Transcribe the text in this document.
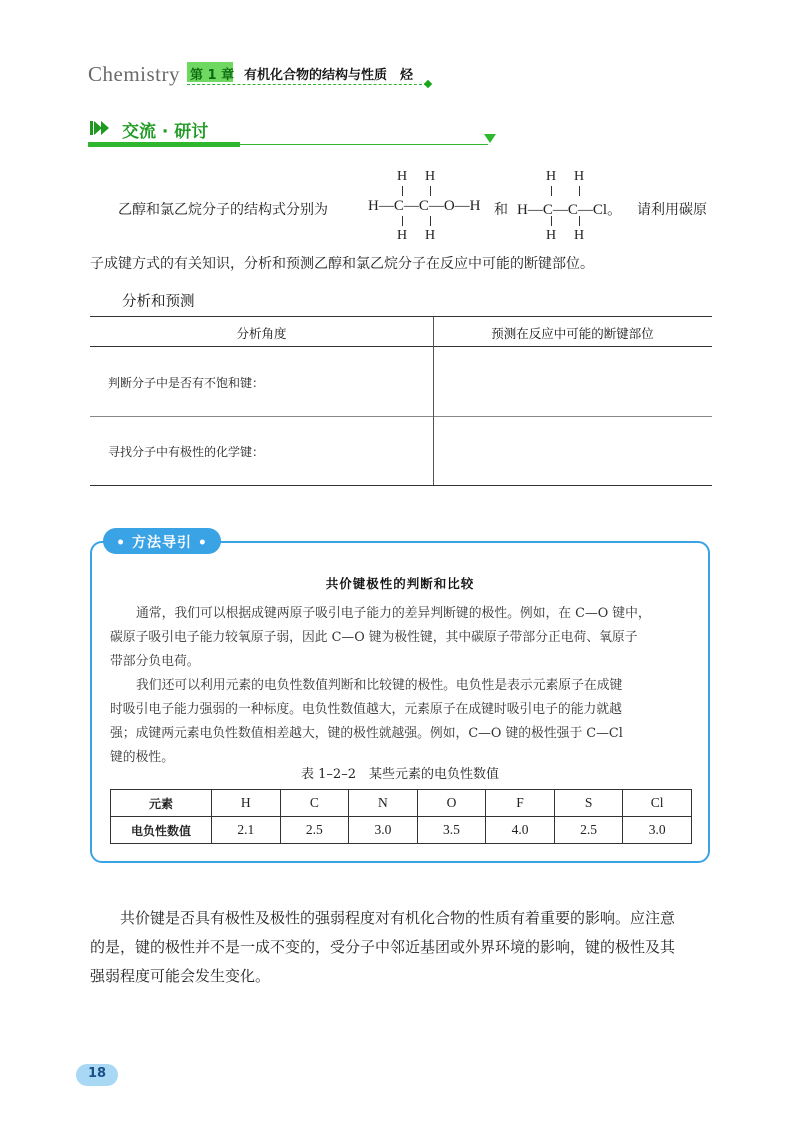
Chemistry 第 1 章 有机化合物的结构与性质　烃
交流 · 研讨
乙醇和氯乙烷分子的结构式分别为
H H
H—C—C—O—H
H H
和
H H
H—C—C—Cl。
H H
请利用碳原
子成键方式的有关知识，分析和预测乙醇和氯乙烷分子在反应中可能的断键部位。
分析和预测
分析角度	预测在反应中可能的断键部位
判断分子中是否有不饱和键：
寻找分子中有极性的化学键：
• 方法导引 •
共价键极性的判断和比较
通常，我们可以根据成键两原子吸引电子能力的差异判断键的极性。例如，在 C—O 键中，
碳原子吸引电子能力较氧原子弱，因此 C—O 键为极性键，其中碳原子带部分正电荷、氧原子
带部分负电荷。
我们还可以利用元素的电负性数值判断和比较键的极性。电负性是表示元素原子在成键
时吸引电子能力强弱的一种标度。电负性数值越大，元素原子在成键时吸引电子的能力就越
强；成键两元素电负性数值相差越大，键的极性就越强。例如，C—O 键的极性强于 C—Cl
键的极性。
表 1–2–2　某些元素的电负性数值
元素	H	C	N	O	F	S	Cl
电负性数值	2.1	2.5	3.0	3.5	4.0	2.5	3.0
共价键是否具有极性及极性的强弱程度对有机化合物的性质有着重要的影响。应注意
的是，键的极性并不是一成不变的，受分子中邻近基团或外界环境的影响，键的极性及其
强弱程度可能会发生变化。
18
